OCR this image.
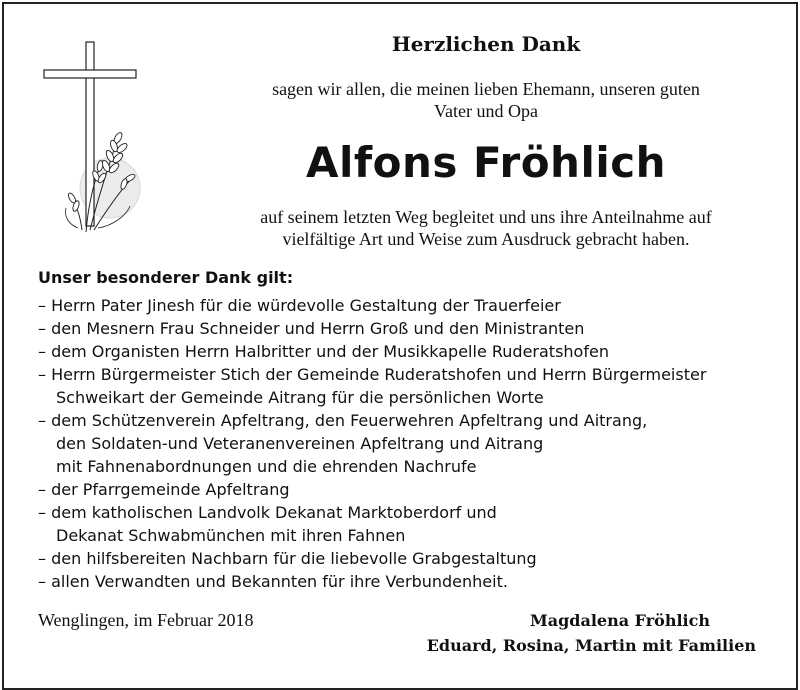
Herzlichen Dank

sagen wir allen, die meinen lieben Ehemann, unseren guten
Vater und Opa

Alfons Fröhlich

auf seinem letzten Weg begleitet und uns ihre Anteilnahme auf
vielfältige Art und Weise zum Ausdruck gebracht haben.

Unser besonderer Dank gilt:
– Herrn Pater Jinesh für die würdevolle Gestaltung der Trauerfeier
– den Mesnern Frau Schneider und Herrn Groß und den Ministranten
– dem Organisten Herrn Halbritter und der Musikkapelle Ruderatshofen
– Herrn Bürgermeister Stich der Gemeinde Ruderatshofen und Herrn Bürgermeister
Schweikart der Gemeinde Aitrang für die persönlichen Worte
– dem Schützenverein Apfeltrang, den Feuerwehren Apfeltrang und Aitrang,
den Soldaten-und Veteranenvereinen Apfeltrang und Aitrang
mit Fahnenabordnungen und die ehrenden Nachrufe
– der Pfarrgemeinde Apfeltrang
– dem katholischen Landvolk Dekanat Marktoberdorf und
Dekanat Schwabmünchen mit ihren Fahnen
– den hilfsbereiten Nachbarn für die liebevolle Grabgestaltung
– allen Verwandten und Bekannten für ihre Verbundenheit.

Wenglingen, im Februar 2018	Magdalena Fröhlich
Eduard, Rosina, Martin mit Familien
